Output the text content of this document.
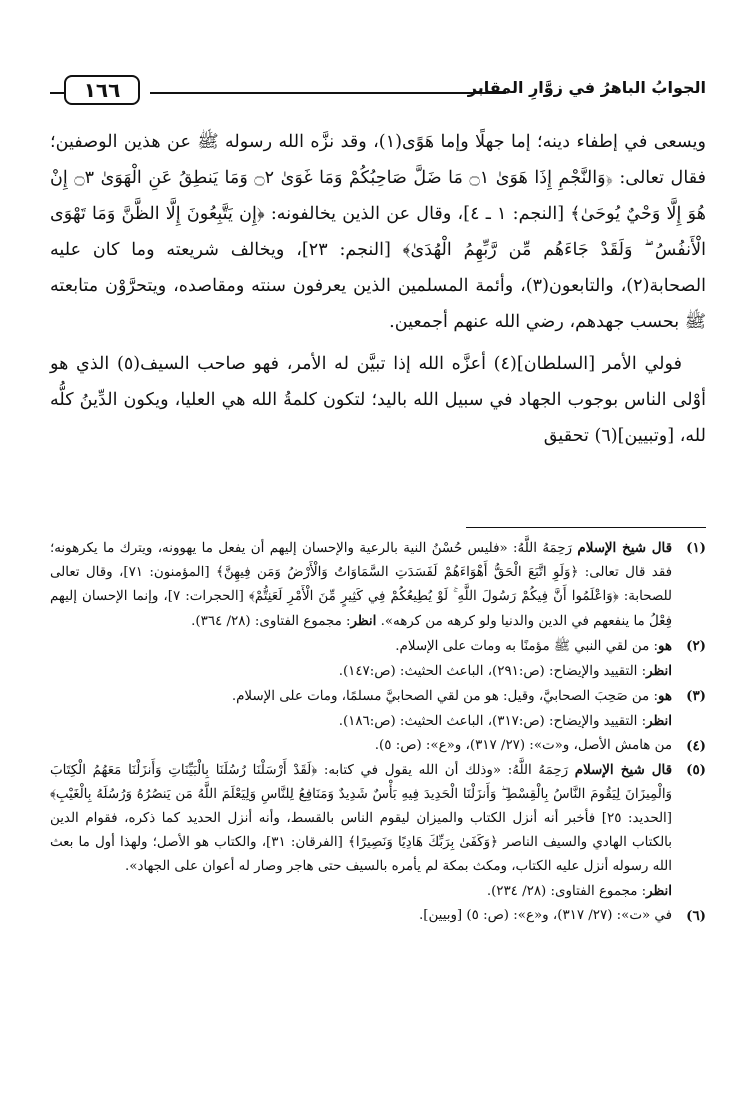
الجوابُ الباهرُ في زوَّارِ المقابر
١٦٦

ويسعى في إطفاء دينه؛ إما جهلًا وإما هَوًى(١)، وقد نزَّه الله رسوله ﷺ عن هذين الوصفين؛ فقال تعالى: ﴿وَالنَّجْمِ إِذَا هَوَىٰ ۝١ مَا ضَلَّ صَاحِبُكُمْ وَمَا غَوَىٰ ۝٢ وَمَا يَنطِقُ عَنِ الْهَوَىٰ ۝٣ إِنْ هُوَ إِلَّا وَحْيٌ يُوحَىٰ﴾ [النجم: ١ ـ ٤]، وقال عن الذين يخالفونه: ﴿إِن يَتَّبِعُونَ إِلَّا الظَّنَّ وَمَا تَهْوَى الْأَنفُسُ ۖ وَلَقَدْ جَاءَهُم مِّن رَّبِّهِمُ الْهُدَىٰ﴾ [النجم: ٢٣]، ويخالف شريعته وما كان عليه الصحابة(٢)، والتابعون(٣)، وأئمة المسلمين الذين يعرفون سنته ومقاصده، ويتحرَّوْن متابعته ﷺ بحسب جهدهم، رضي الله عنهم أجمعين.

فولي الأمر [السلطان](٤) أعزَّه الله إذا تبيَّن له الأمر، فهو صاحب السيف(٥) الذي هو أوْلى الناس بوجوب الجهاد في سبيل الله باليد؛ لتكون كلمةُ الله هي العليا، ويكون الدِّينُ كلُّه لله، [وتبيين](٦) تحقيق

(١)

قال شيخ الإسلام رَحِمَهُ اللَّهُ: «فليس حُسْنُ النية بالرعية والإحسان إليهم أن يفعل ما يهوونه، ويترك ما يكرهونه؛ فقد قال تعالى: ﴿وَلَوِ اتَّبَعَ الْحَقُّ أَهْوَاءَهُمْ لَفَسَدَتِ السَّمَاوَاتُ وَالْأَرْضُ وَمَن فِيهِنَّ﴾ [المؤمنون: ٧١]، وقال تعالى للصحابة: ﴿وَاعْلَمُوا أَنَّ فِيكُمْ رَسُولَ اللَّهِ ۚ لَوْ يُطِيعُكُمْ فِي كَثِيرٍ مِّنَ الْأَمْرِ لَعَنِتُّمْ﴾ [الحجرات: ٧]، وإنما الإحسان إليهم فِعْلُ ما ينفعهم في الدين والدنيا ولو كرهه من كرهه». انظر: مجموع الفتاوى: (٢٨/ ٣٦٤).

(٢)

هو: من لقي النبي ﷺ مؤمنًا به ومات على الإسلام.

انظر: التقييد والإيضاح: (ص:٢٩١)، الباعث الحثيث: (ص:١٤٧).

(٣)

هو: من صَحِبَ الصحابيَّ، وقيل: هو من لقي الصحابيَّ مسلمًا، ومات على الإسلام.

انظر: التقييد والإيضاح: (ص:٣١٧)، الباعث الحثيث: (ص:١٨٦).

(٤)

من هامش الأصل، و«ت»: (٢٧/ ٣١٧)، و«ع»: (ص: ٥).

(٥)

قال شيخ الإسلام رَحِمَهُ اللَّهُ: «وذلك أن الله يقول في كتابه: ﴿لَقَدْ أَرْسَلْنَا رُسُلَنَا بِالْبَيِّنَاتِ وَأَنزَلْنَا مَعَهُمُ الْكِتَابَ وَالْمِيزَانَ لِيَقُومَ النَّاسُ بِالْقِسْطِ ۖ وَأَنزَلْنَا الْحَدِيدَ فِيهِ بَأْسٌ شَدِيدٌ وَمَنَافِعُ لِلنَّاسِ وَلِيَعْلَمَ اللَّهُ مَن يَنصُرُهُ وَرُسُلَهُ بِالْغَيْبِ﴾ [الحديد: ٢٥] فأخبر أنه أنزل الكتاب والميزان ليقوم الناس بالقسط، وأنه أنزل الحديد كما ذكره، فقوام الدين بالكتاب الهادي والسيف الناصر ﴿وَكَفَىٰ بِرَبِّكَ هَادِيًا وَنَصِيرًا﴾ [الفرقان: ٣١]، والكتاب هو الأصل؛ ولهذا أول ما بعث الله رسوله أنزل عليه الكتاب، ومكث بمكة لم يأمره بالسيف حتى هاجر وصار له أعوان على الجهاد».

انظر: مجموع الفتاوى: (٢٨/ ٢٣٤).

(٦)

في «ت»: (٢٧/ ٣١٧)، و«ع»: (ص: ٥) [وبيين].
